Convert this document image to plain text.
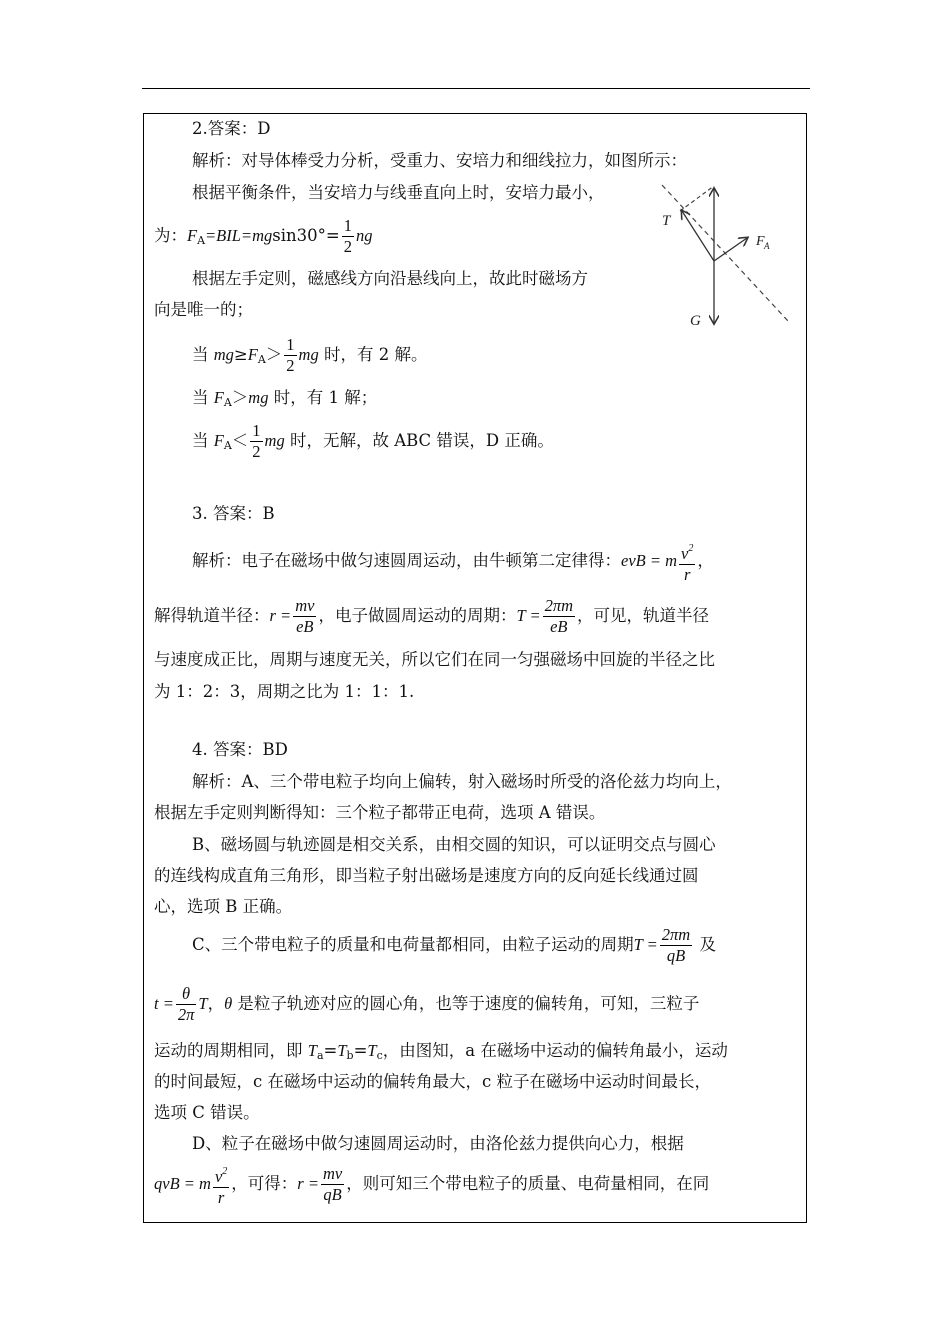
2.答案：D
解析：对导体棒受力分析，受重力、安培力和细线拉力，如图所示：
根据平衡条件，当安培力与线垂直向上时，安培力最小，
为：$F_A=BIL=mgsin30^\circ= \frac{1}{2}$ ng
根据左手定则，磁感线方向沿悬线向上，故此时磁场方
向是唯一的；
当 $mg\ge F_A> \frac{1}{2}$ mg 时，有 2 解。
当 $F_A>mg$ 时，有 1 解；
当 $F_A< \frac{1}{2}$ mg 时，无解，故 ABC 错误，D 正确。
T
F A
G
3. 答案：B
解析：电子在磁场中做匀速圆周运动，由牛顿第二定律得：evB = m $\frac{v^2}{r}$ ，
解得轨道半径：$r = \frac{mv}{eB}$ ，电子做圆周运动的周期：$T = \frac{2\pi m}{eB}$ ，可见，轨道半径
与速度成正比，周期与速度无关，所以它们在同一匀强磁场中回旋的半径之比
为 1：2：3，周期之比为 1：1：1.
4. 答案：BD
解析：A、三个带电粒子均向上偏转，射入磁场时所受的洛伦兹力均向上，
根据左手定则判断得知：三个粒子都带正电荷，选项 A 错误。
B、磁场圆与轨迹圆是相交关系，由相交圆的知识，可以证明交点与圆心
的连线构成直角三角形，即当粒子射出磁场是速度方向的反向延长线通过圆
心，选项 B 正确。
C、三个带电粒子的质量和电荷量都相同，由粒子运动的周期$T = \frac{2\pi m}{qB}$ 及
$t = \frac{\theta}{2\pi}$ T，θ 是粒子轨迹对应的圆心角，也等于速度的偏转角，可知，三粒子
运动的周期相同，即 $T_a=T_b=T_c$，由图知，a 在磁场中运动的偏转角最小，运动
的时间最短，c 在磁场中运动的偏转角最大，c 粒子在磁场中运动时间最长，
选项 C 错误。
D、粒子在磁场中做匀速圆周运动时，由洛伦兹力提供向心力，根据
qvB = m $\frac{v^2}{r}$ ，可得：$r = \frac{mv}{qB}$ ，则可知三个带电粒子的质量、电荷量相同，在同
